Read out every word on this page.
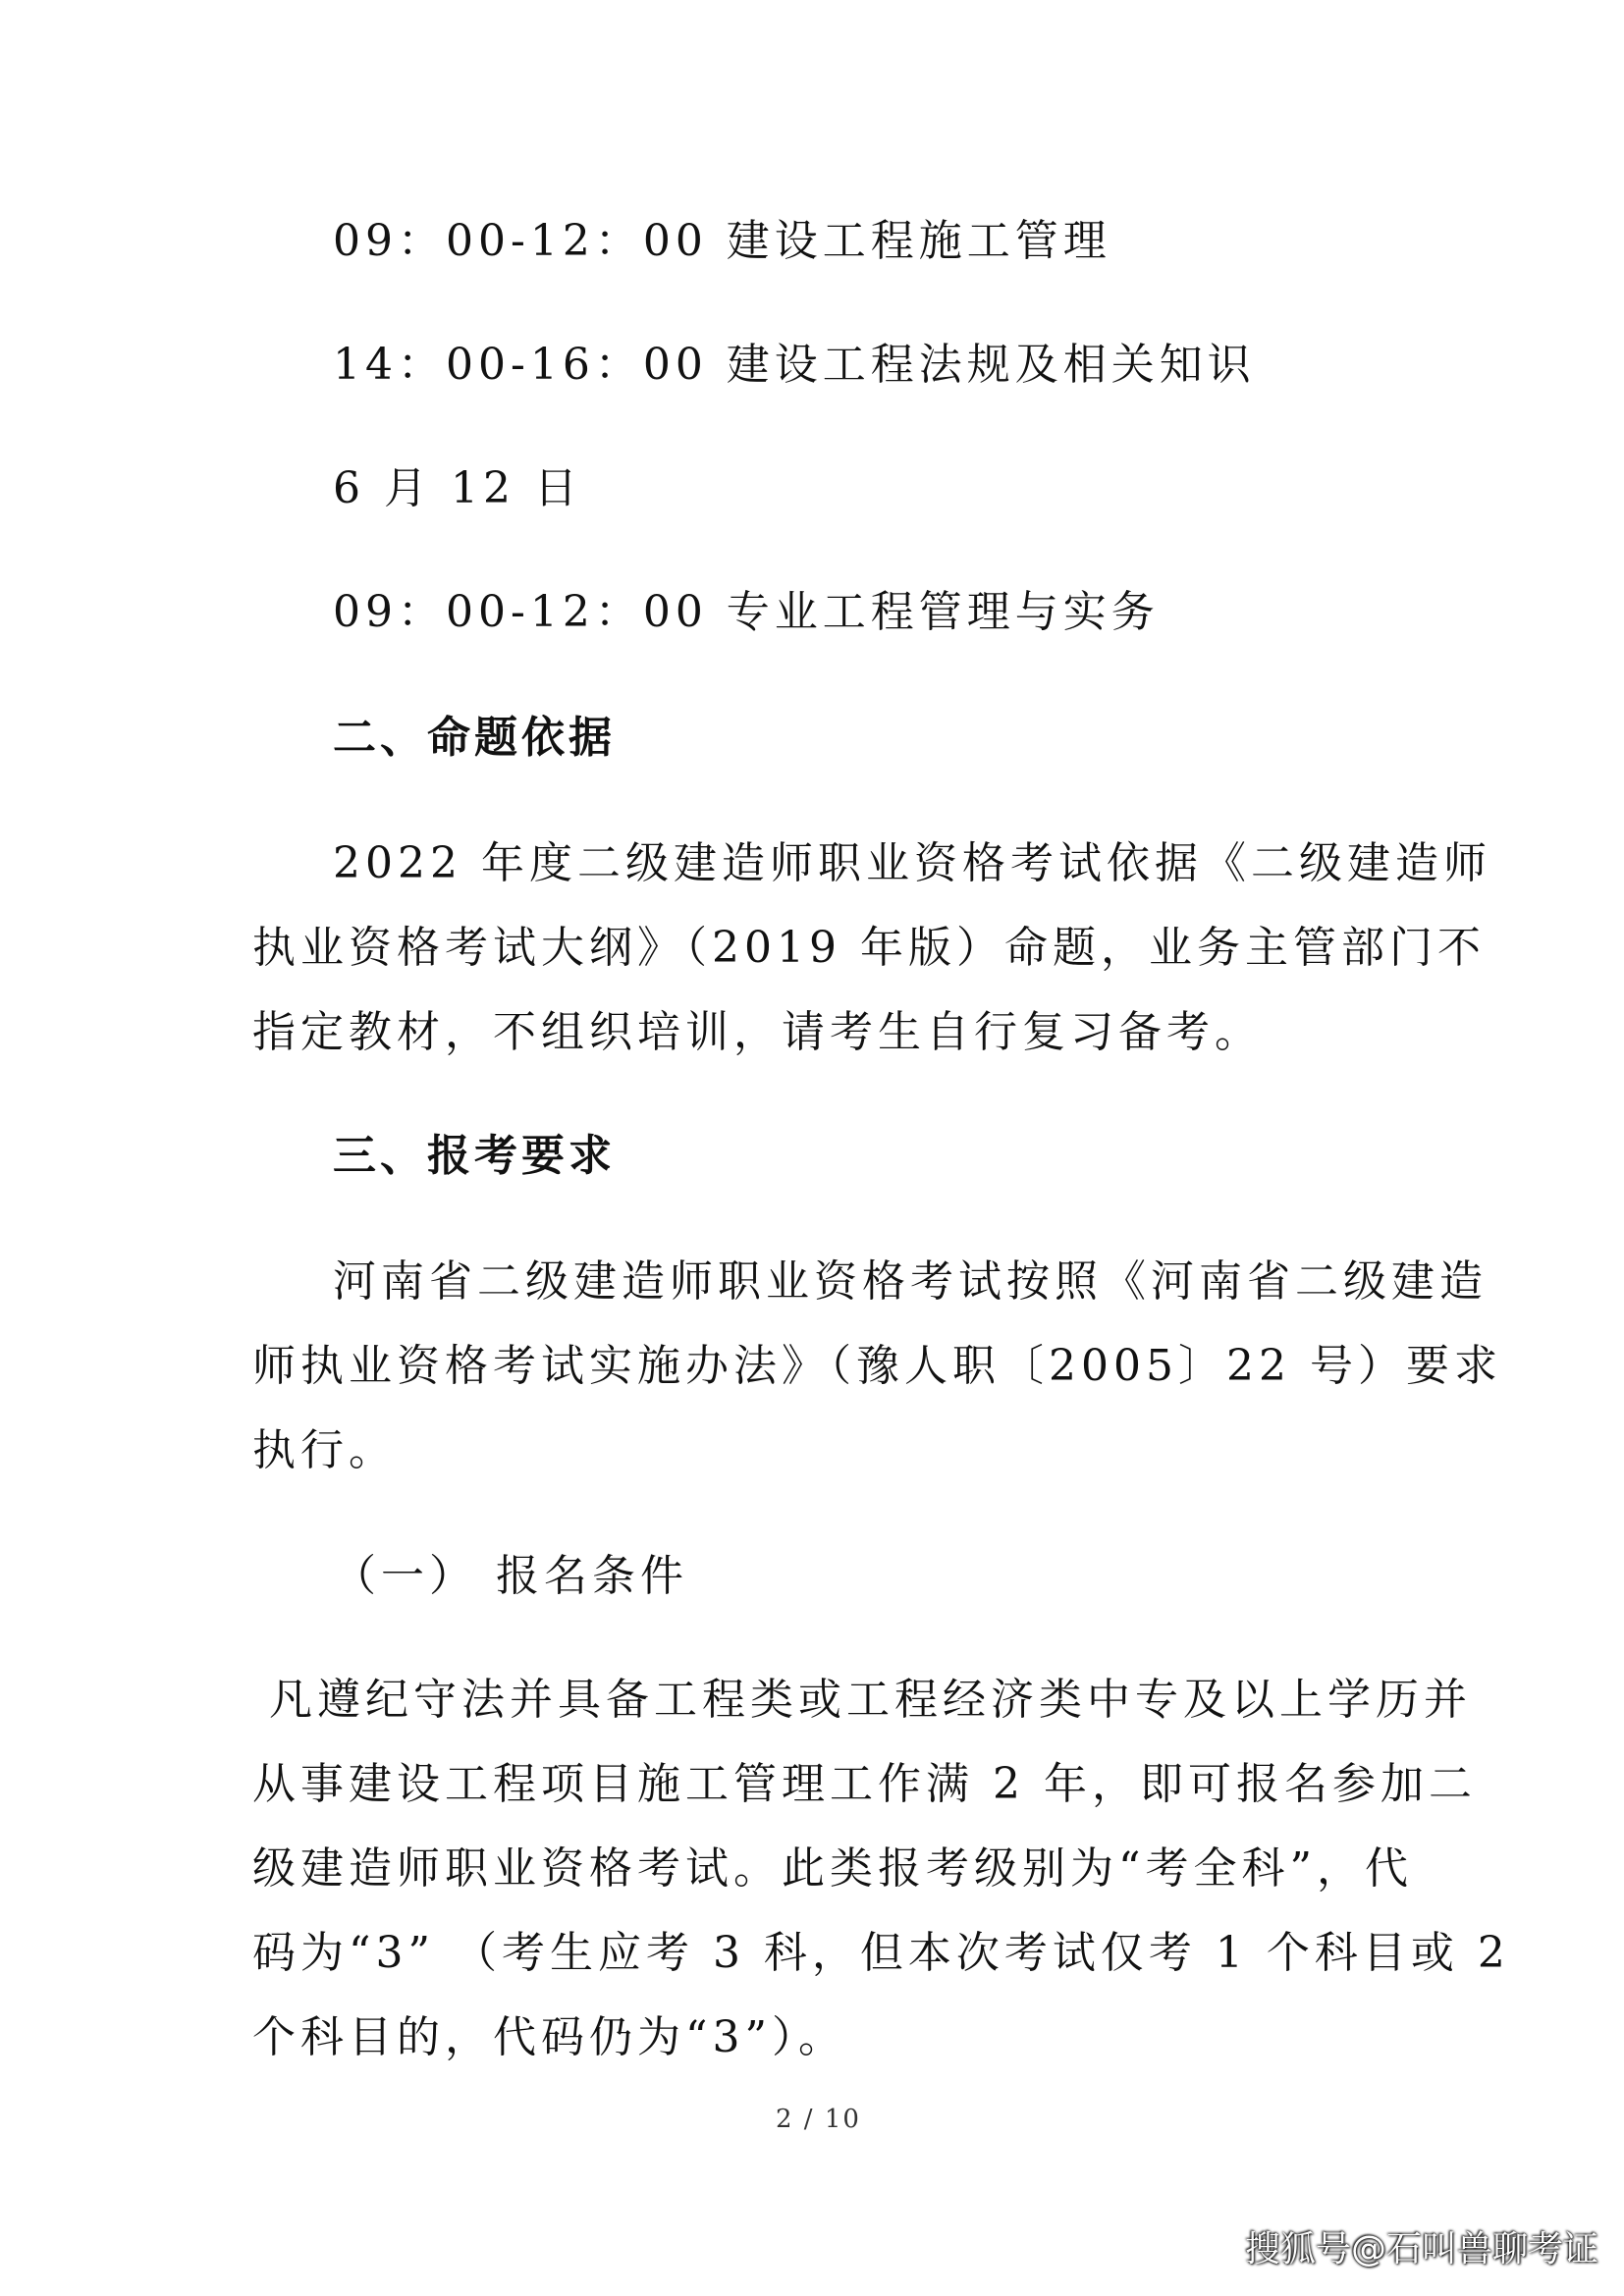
09：00-12：00 建设工程施工管理
14：00-16：00 建设工程法规及相关知识
6 月 12 日
09：00-12：00 专业工程管理与实务
二、命题依据
2022 年度二级建造师职业资格考试依据《二级建造师
执业资格考试大纲》（2019 年版）命题，业务主管部门不
指定教材，不组织培训，请考生自行复习备考。
三、报考要求
河南省二级建造师职业资格考试按照《河南省二级建造
师执业资格考试实施办法》（豫人职〔2005〕22 号）要求
执行。
（一） 报名条件
凡遵纪守法并具备工程类或工程经济类中专及以上学历并
从事建设工程项目施工管理工作满 2 年，即可报名参加二
级建造师职业资格考试。此类报考级别为“考全科”，代
码为“3” （考生应考 3 科，但本次考试仅考 1 个科目或 2
个科目的，代码仍为“3”）。
2 / 10
搜狐号@石叫兽聊考证
